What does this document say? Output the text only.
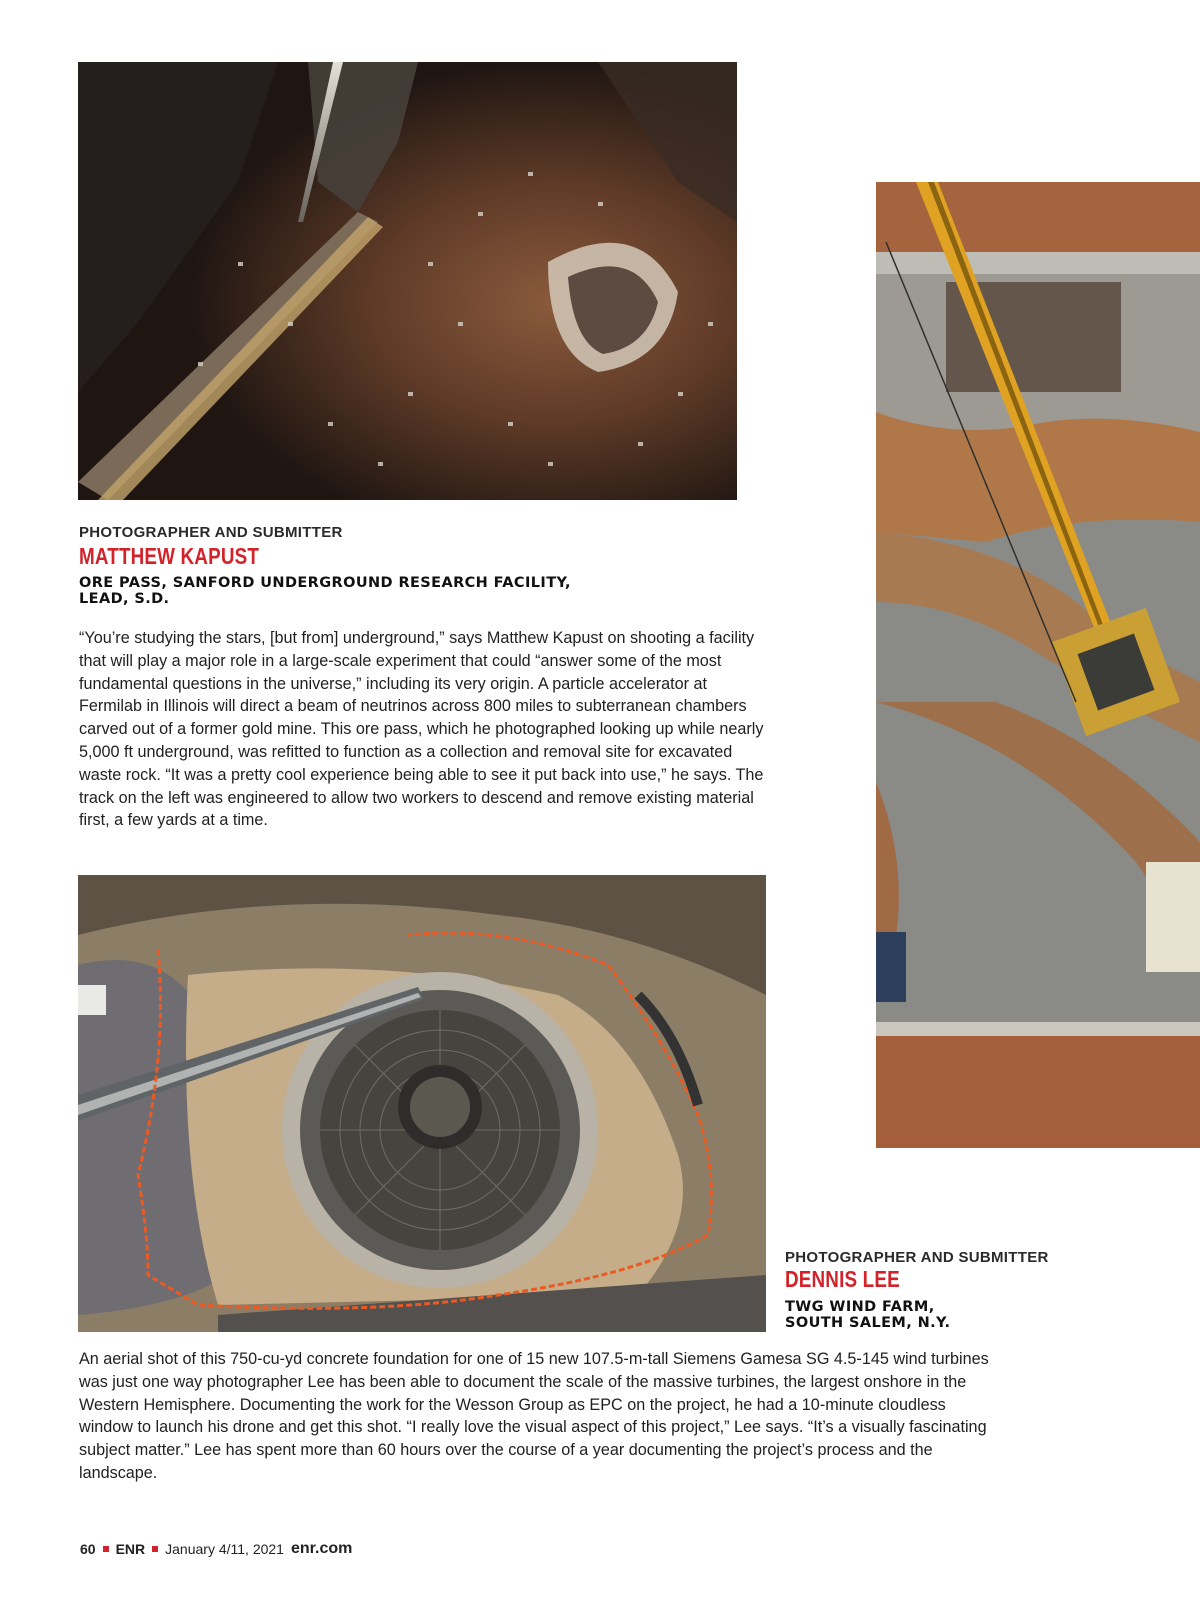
PHOTOGRAPHER AND SUBMITTER
MATTHEW KAPUST
ORE PASS, SANFORD UNDERGROUND RESEARCH FACILITY,
LEAD, S.D.

“You’re studying the stars, [but from] underground,” says Matthew Kapust on shooting a facility that will play a major role in a large-scale experiment that could “answer some of the most fundamental questions in the universe,” including its very origin. A particle accelerator at Fermilab in Illinois will direct a beam of neutrinos across 800 miles to subterranean chambers carved out of a former gold mine. This ore pass, which he photographed looking up while nearly 5,000 ft underground, was refitted to function as a collection and removal site for excavated waste rock. “It was a pretty cool experience being able to see it put back into use,” he says. The track on the left was engineered to allow two workers to descend and remove existing material first, a few yards at a time.

PHOTOGRAPHER AND SUBMITTER
DENNIS LEE
TWG WIND FARM,
SOUTH SALEM, N.Y.

An aerial shot of this 750-cu-yd concrete foundation for one of 15 new 107.5-m-tall Siemens Gamesa SG 4.5-145 wind turbines was just one way photographer Lee has been able to document the scale of the massive turbines, the largest onshore in the Western Hemisphere. Documenting the work for the Wesson Group as EPC on the project, he had a 10-minute cloudless window to launch his drone and get this shot. “I really love the visual aspect of this project,” Lee says. “It’s a visually fascinating subject matter.” Lee has spent more than 60 hours over the course of a year documenting the project’s process and the landscape.

60 ENR January 4/11, 2021 enr.com
